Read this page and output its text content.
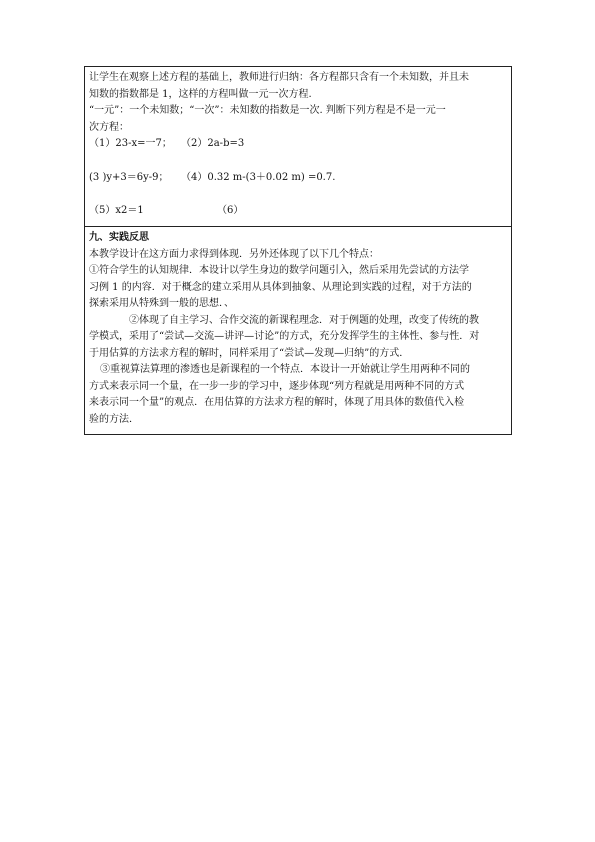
让学生在观察上述方程的基础上，教师进行归纳：各方程都只含有一个未知数，并且未
知数的指数都是 1，这样的方程叫做一元一次方程.
“一元”：一个未知数；“一次”：未知数的指数是一次. 判断下列方程是不是一元一
次方程：
（1）23-x=一7； （2）2a-b=3
(3 )y+3＝6y-9；	（4）0.32 m-(3＋0.02 m) =0.7.
（5）x2＝1	（6）
九、实践反思
本教学设计在这方面力求得到体现．另外还体现了以下几个特点：
①符合学生的认知规律．本设计以学生身边的数学问题引入，然后采用先尝试的方法学
习例 1 的内容．对于概念的建立采用从具体到抽象、从理论到实践的过程，对于方法的
探索采用从特殊到一般的思想．、
②体现了自主学习、合作交流的新课程理念．对于例题的处理，改变了传统的教
学模式，采用了“尝试—交流—讲评—讨论”的方式，充分发挥学生的主体性、参与性．对
于用估算的方法求方程的解时，同样采用了“尝试—发现—归纳”的方式．
③重视算法算理的渗透也是新课程的一个特点．本设计一开始就让学生用两种不同的
方式来表示同一个量，在一步一步的学习中，逐步体现“列方程就是用两种不同的方式
来表示同一个量”的观点．在用估算的方法求方程的解时，体现了用具体的数值代入检
验的方法．
